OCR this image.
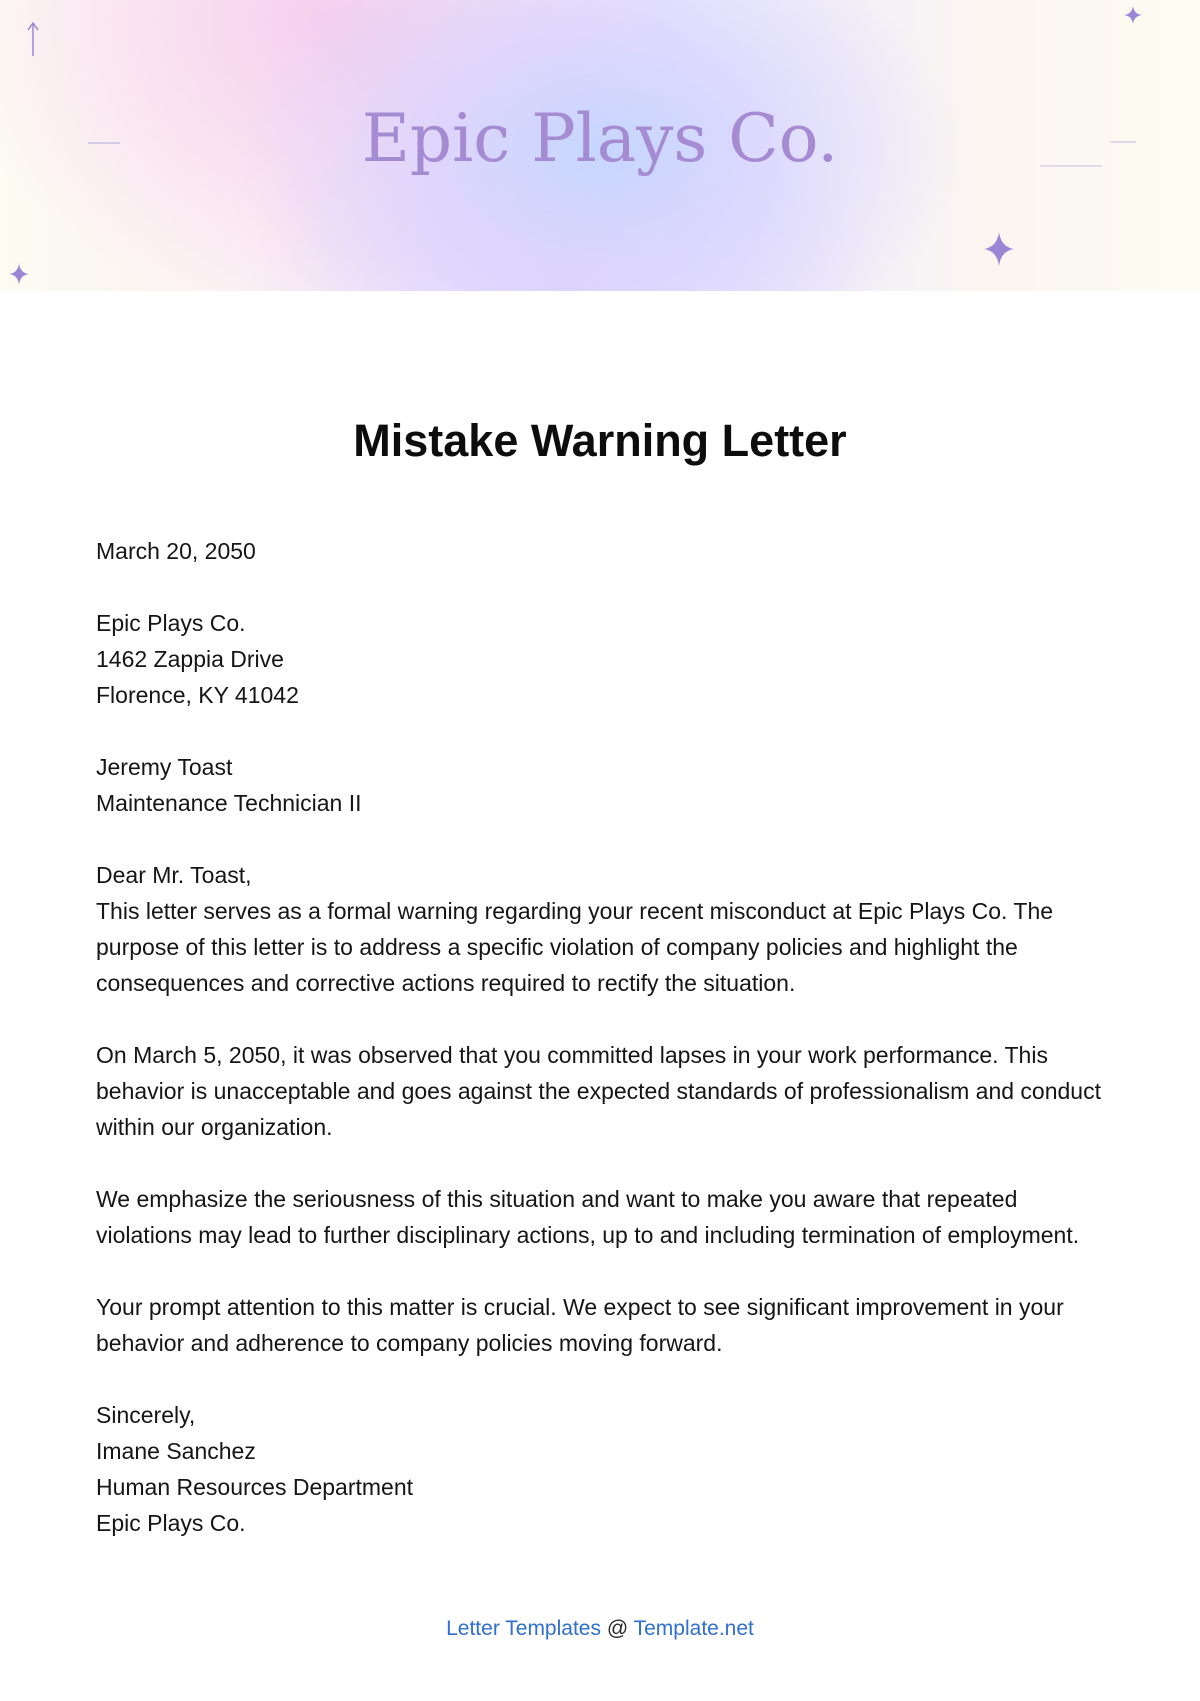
Epic Plays Co.
Mistake Warning Letter

March 20, 2050

Epic Plays Co.
1462 Zappia Drive
Florence, KY 41042

Jeremy Toast
Maintenance Technician II

Dear Mr. Toast,
This letter serves as a formal warning regarding your recent misconduct at Epic Plays Co. The purpose of this letter is to address a specific violation of company policies and highlight the consequences and corrective actions required to rectify the situation.

On March 5, 2050, it was observed that you committed lapses in your work performance. This behavior is unacceptable and goes against the expected standards of professionalism and conduct within our organization.

We emphasize the seriousness of this situation and want to make you aware that repeated violations may lead to further disciplinary actions, up to and including termination of employment.

Your prompt attention to this matter is crucial. We expect to see significant improvement in your behavior and adherence to company policies moving forward.

Sincerely,
Imane Sanchez
Human Resources Department
Epic Plays Co.

Letter Templates @ Template.net
